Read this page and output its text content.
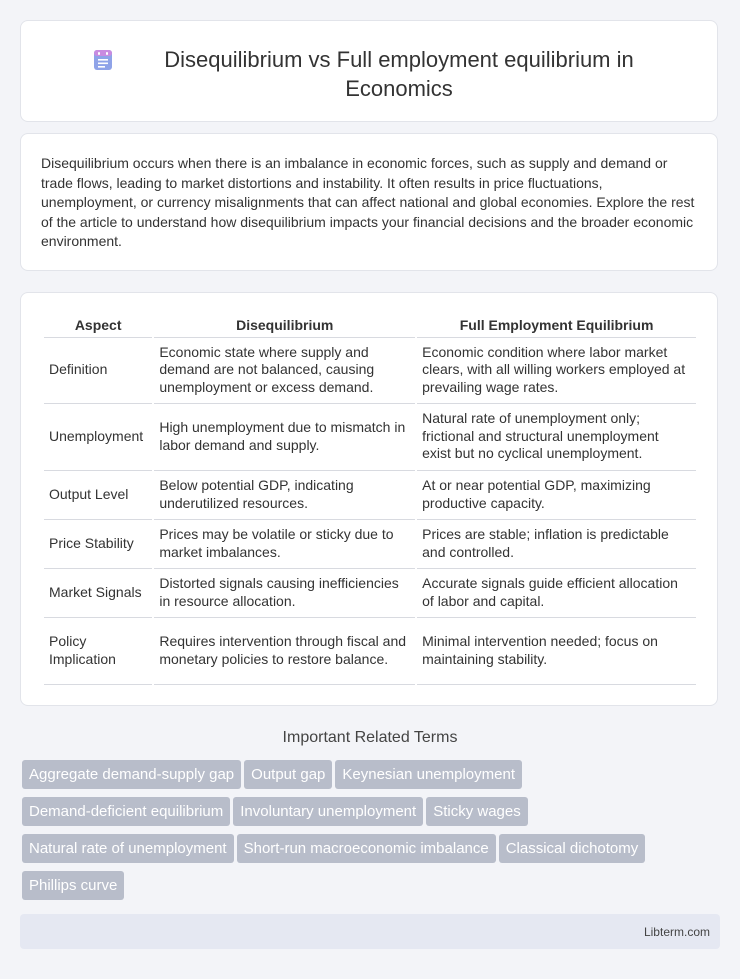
Disequilibrium vs Full employment equilibrium in
Economics

Disequilibrium occurs when there is an imbalance in economic forces, such as supply and demand or trade flows, leading to market distortions and instability. It often results in price fluctuations, unemployment, or currency misalignments that can affect national and global economies. Explore the rest of the article to understand how disequilibrium impacts your financial decisions and the broader economic environment.

Aspect	Disequilibrium	Full Employment Equilibrium
Definition	Economic state where supply and demand are not balanced, causing unemployment or excess demand.	Economic condition where labor market clears, with all willing workers employed at prevailing wage rates.
Unemployment	High unemployment due to mismatch in labor demand and supply.	Natural rate of unemployment only; frictional and structural unemployment exist but no cyclical unemployment.
Output Level	Below potential GDP, indicating underutilized resources.	At or near potential GDP, maximizing productive capacity.
Price Stability	Prices may be volatile or sticky due to market imbalances.	Prices are stable; inflation is predictable and controlled.
Market Signals	Distorted signals causing inefficiencies in resource allocation.	Accurate signals guide efficient allocation of labor and capital.
Policy Implication	Requires intervention through fiscal and monetary policies to restore balance.	Minimal intervention needed; focus on maintaining stability.
Important Related Terms
Aggregate demand-supply gap Output gap Keynesian unemployment
Demand-deficient equilibrium Involuntary unemployment Sticky wages
Natural rate of unemployment Short-run macroeconomic imbalance Classical dichotomy
Phillips curve
Libterm.com
